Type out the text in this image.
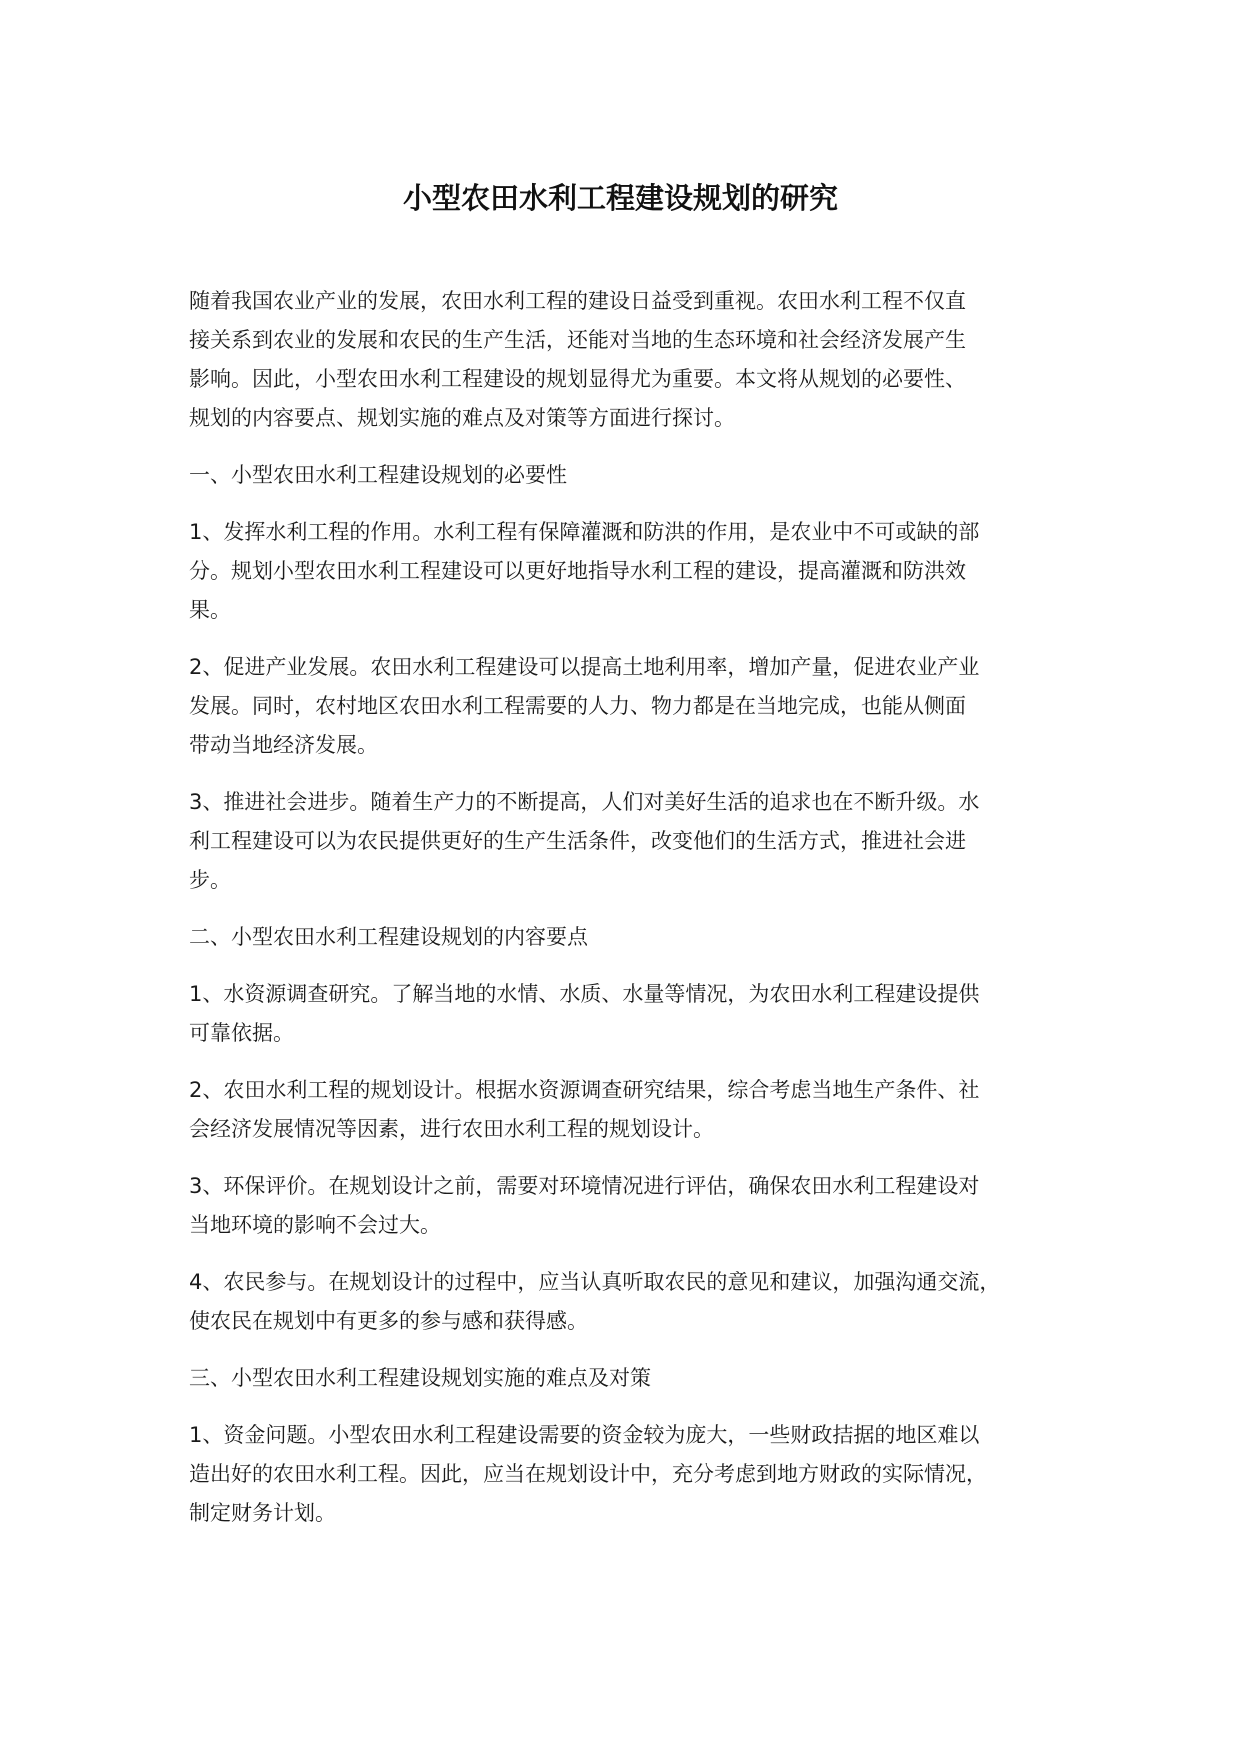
小型农田水利工程建设规划的研究

随着我国农业产业的发展，农田水利工程的建设日益受到重视。农田水利工程不仅直
接关系到农业的发展和农民的生产生活，还能对当地的生态环境和社会经济发展产生
影响。因此，小型农田水利工程建设的规划显得尤为重要。本文将从规划的必要性、
规划的内容要点、规划实施的难点及对策等方面进行探讨。

一、小型农田水利工程建设规划的必要性

1、发挥水利工程的作用。水利工程有保障灌溉和防洪的作用，是农业中不可或缺的部
分。规划小型农田水利工程建设可以更好地指导水利工程的建设，提高灌溉和防洪效
果。

2、促进产业发展。农田水利工程建设可以提高土地利用率，增加产量，促进农业产业
发展。同时，农村地区农田水利工程需要的人力、物力都是在当地完成，也能从侧面
带动当地经济发展。

3、推进社会进步。随着生产力的不断提高，人们对美好生活的追求也在不断升级。水
利工程建设可以为农民提供更好的生产生活条件，改变他们的生活方式，推进社会进
步。

二、小型农田水利工程建设规划的内容要点

1、水资源调查研究。了解当地的水情、水质、水量等情况，为农田水利工程建设提供
可靠依据。

2、农田水利工程的规划设计。根据水资源调查研究结果，综合考虑当地生产条件、社
会经济发展情况等因素，进行农田水利工程的规划设计。

3、环保评价。在规划设计之前，需要对环境情况进行评估，确保农田水利工程建设对
当地环境的影响不会过大。

4、农民参与。在规划设计的过程中，应当认真听取农民的意见和建议，加强沟通交流，
使农民在规划中有更多的参与感和获得感。

三、小型农田水利工程建设规划实施的难点及对策

1、资金问题。小型农田水利工程建设需要的资金较为庞大，一些财政拮据的地区难以
造出好的农田水利工程。因此，应当在规划设计中，充分考虑到地方财政的实际情况，
制定财务计划。
